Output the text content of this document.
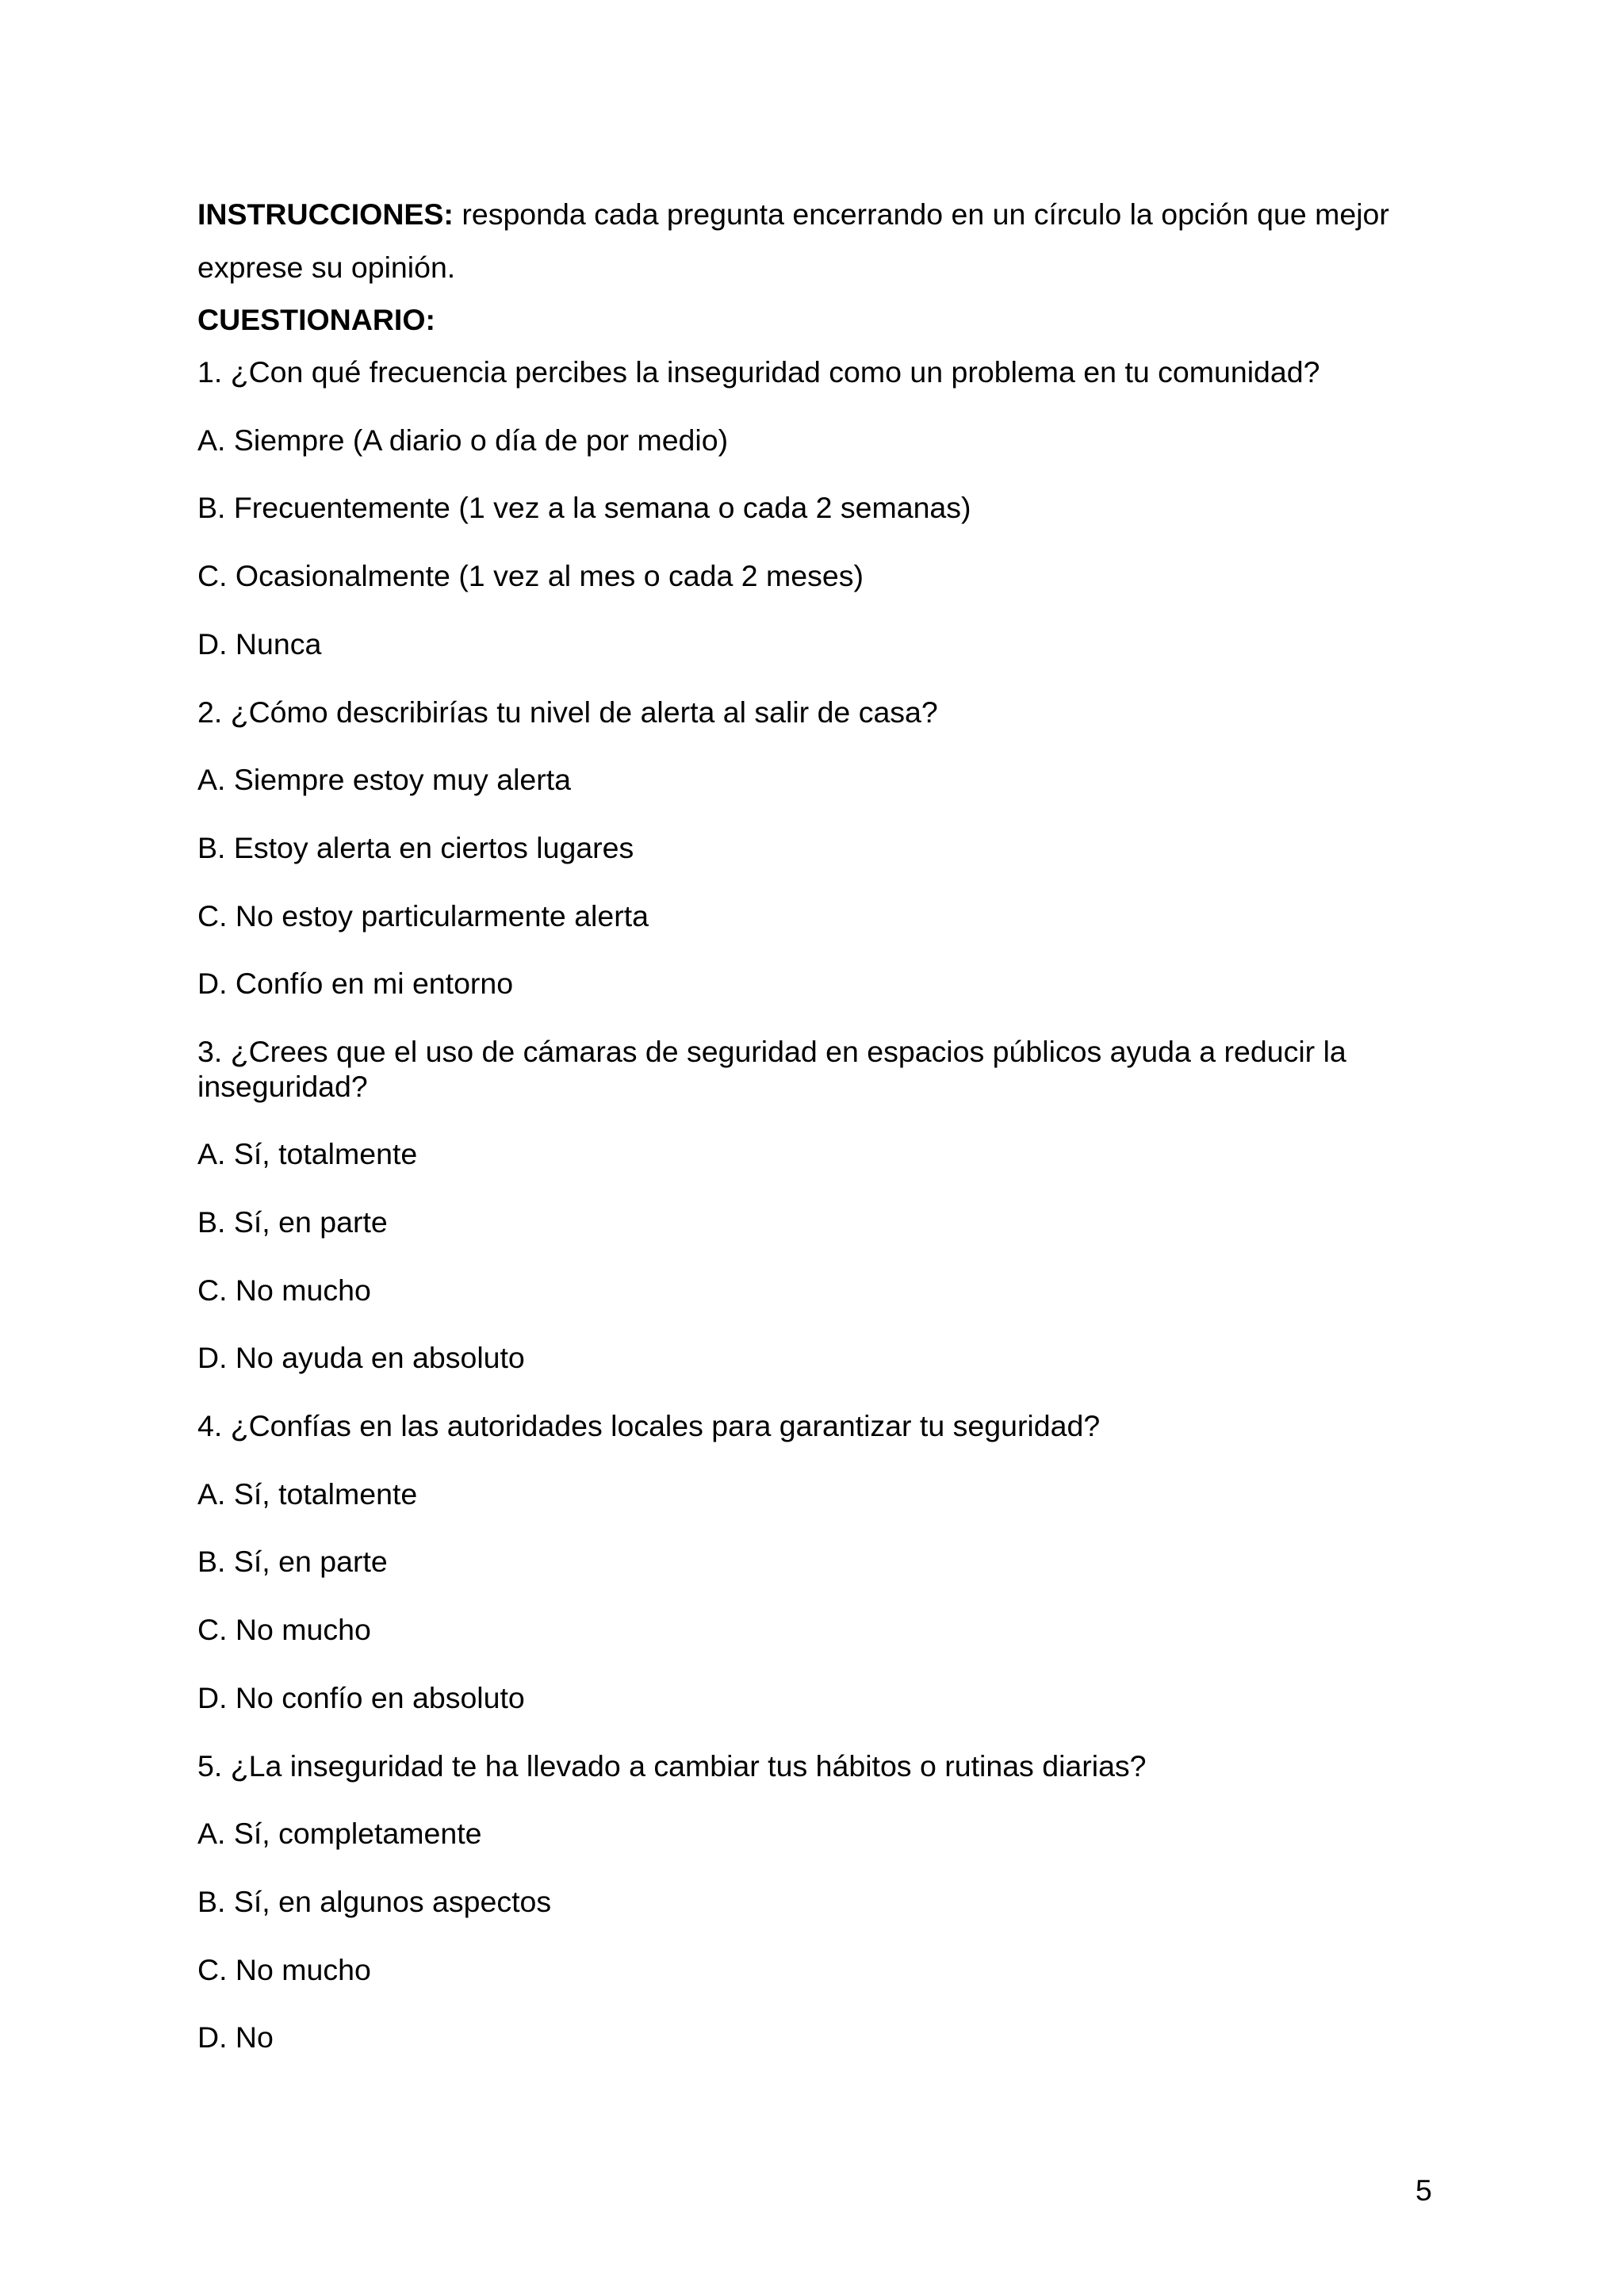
INSTRUCCIONES: responda cada pregunta encerrando en un círculo la opción que mejor

exprese su opinión.

CUESTIONARIO:

1. ¿Con qué frecuencia percibes la inseguridad como un problema en tu comunidad?

A. Siempre (A diario o día de por medio)

B. Frecuentemente (1 vez a la semana o cada 2 semanas)

C. Ocasionalmente (1 vez al mes o cada 2 meses)

D. Nunca

2. ¿Cómo describirías tu nivel de alerta al salir de casa?

A. Siempre estoy muy alerta

B. Estoy alerta en ciertos lugares

C. No estoy particularmente alerta

D. Confío en mi entorno

3. ¿Crees que el uso de cámaras de seguridad en espacios públicos ayuda a reducir la inseguridad?

A. Sí, totalmente

B. Sí, en parte

C. No mucho

D. No ayuda en absoluto

4. ¿Confías en las autoridades locales para garantizar tu seguridad?

A. Sí, totalmente

B. Sí, en parte

C. No mucho

D. No confío en absoluto

5. ¿La inseguridad te ha llevado a cambiar tus hábitos o rutinas diarias?

A. Sí, completamente

B. Sí, en algunos aspectos

C. No mucho

D. No

5
